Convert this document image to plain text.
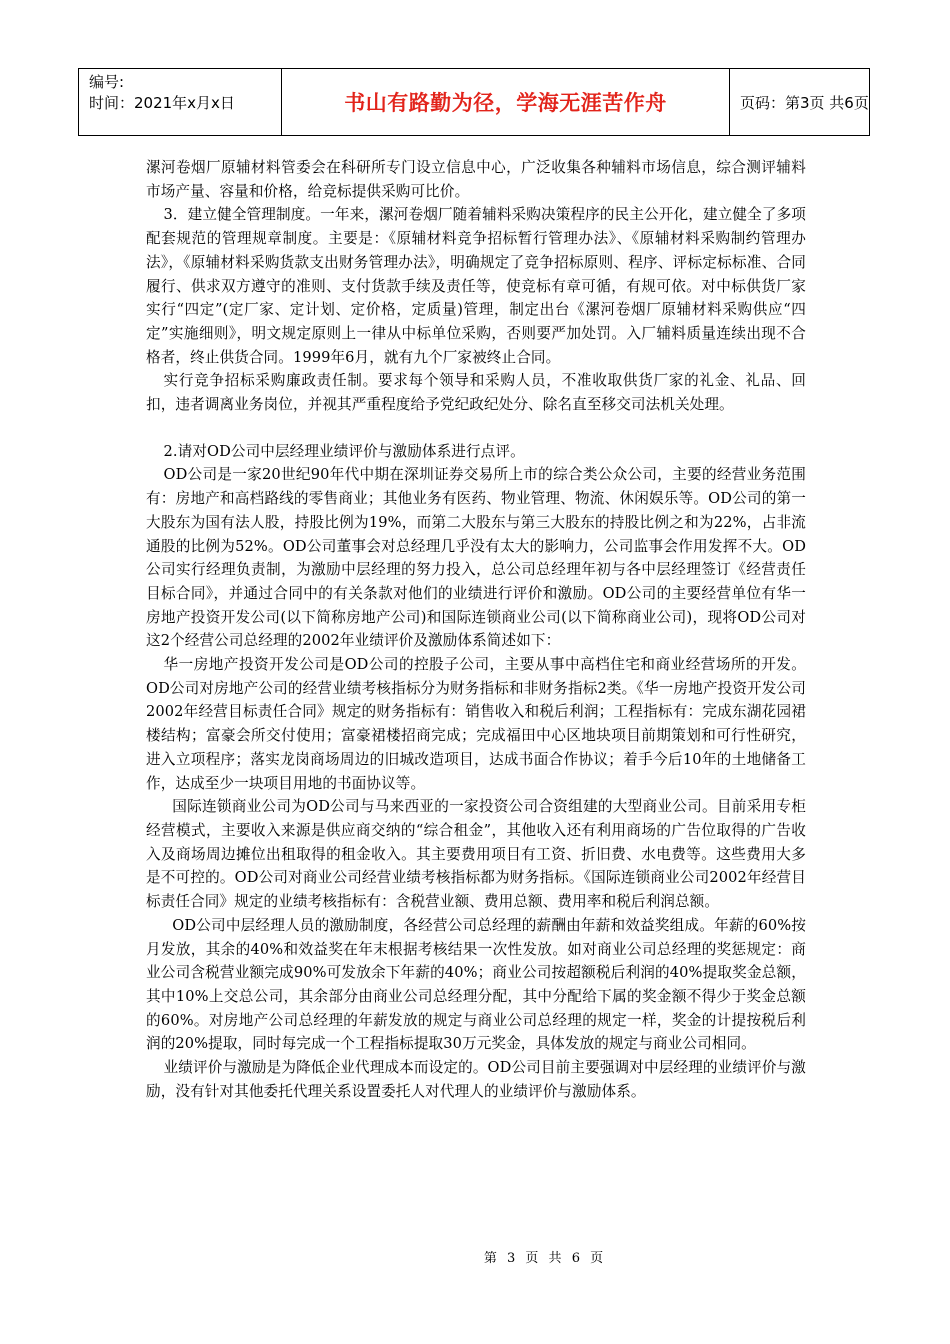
编号:
时间：2021年x月x日	书山有路勤为径，学海无涯苦作舟	页码：第3页 共6页

漯河卷烟厂原辅材料管委会在科研所专门设立信息中心，广泛收集各种辅料市场信息，综合测评辅料市场产量、容量和价格，给竞标提供采购可比价。

3．建立健全管理制度。一年来，漯河卷烟厂随着辅料采购决策程序的民主公开化，建立健全了多项配套规范的管理规章制度。主要是：《原辅材料竞争招标暂行管理办法》、《原辅材料采购制约管理办法》，《原辅材料采购货款支出财务管理办法》，明确规定了竞争招标原则、程序、评标定标标准、合同履行、供求双方遵守的准则、支付货款手续及责任等，使竞标有章可循，有规可依。对中标供货厂家实行“四定”(定厂家、定计划、定价格，定质量)管理，制定出台《漯河卷烟厂原辅材料采购供应“四定”实施细则》，明文规定原则上一律从中标单位采购，否则要严加处罚。入厂辅料质量连续出现不合格者，终止供货合同。1999年6月，就有九个厂家被终止合同。

实行竞争招标采购廉政责任制。要求每个领导和采购人员，不准收取供货厂家的礼金、礼品、回扣，违者调离业务岗位，并视其严重程度给予党纪政纪处分、除名直至移交司法机关处理。

2.请对OD公司中层经理业绩评价与激励体系进行点评。

OD公司是一家20世纪90年代中期在深圳证券交易所上市的综合类公众公司，主要的经营业务范围有：房地产和高档路线的零售商业；其他业务有医药、物业管理、物流、休闲娱乐等。OD公司的第一大股东为国有法人股，持股比例为19%，而第二大股东与第三大股东的持股比例之和为22%，占非流通股的比例为52%。OD公司董事会对总经理几乎没有太大的影响力，公司监事会作用发挥不大。OD公司实行经理负责制，为激励中层经理的努力投入，总公司总经理年初与各中层经理签订《经营责任目标合同》，并通过合同中的有关条款对他们的业绩进行评价和激励。OD公司的主要经营单位有华一房地产投资开发公司(以下简称房地产公司)和国际连锁商业公司(以下简称商业公司)，现将OD公司对这2个经营公司总经理的2002年业绩评价及激励体系简述如下：

华一房地产投资开发公司是OD公司的控股子公司，主要从事中高档住宅和商业经营场所的开发。OD公司对房地产公司的经营业绩考核指标分为财务指标和非财务指标2类。《华一房地产投资开发公司2002年经营目标责任合同》规定的财务指标有：销售收入和税后利润；工程指标有：完成东湖花园裙楼结构；富豪会所交付使用；富豪裙楼招商完成；完成福田中心区地块项目前期策划和可行性研究，进入立项程序；落实龙岗商场周边的旧城改造项目，达成书面合作协议；着手今后10年的土地储备工作，达成至少一块项目用地的书面协议等。

国际连锁商业公司为OD公司与马来西亚的一家投资公司合资组建的大型商业公司。目前采用专柜经营模式，主要收入来源是供应商交纳的“综合租金”，其他收入还有利用商场的广告位取得的广告收入及商场周边摊位出租取得的租金收入。其主要费用项目有工资、折旧费、水电费等。这些费用大多是不可控的。OD公司对商业公司经营业绩考核指标都为财务指标。《国际连锁商业公司2002年经营目标责任合同》规定的业绩考核指标有：含税营业额、费用总额、费用率和税后利润总额。

OD公司中层经理人员的激励制度，各经营公司总经理的薪酬由年薪和效益奖组成。年薪的60%按月发放，其余的40%和效益奖在年末根据考核结果一次性发放。如对商业公司总经理的奖惩规定：商业公司含税营业额完成90%可发放余下年薪的40%；商业公司按超额税后利润的40%提取奖金总额，其中10%上交总公司，其余部分由商业公司总经理分配，其中分配给下属的奖金额不得少于奖金总额的60%。对房地产公司总经理的年薪发放的规定与商业公司总经理的规定一样，奖金的计提按税后利润的20%提取，同时每完成一个工程指标提取30万元奖金，具体发放的规定与商业公司相同。

业绩评价与激励是为降低企业代理成本而设定的。OD公司目前主要强调对中层经理的业绩评价与激励，没有针对其他委托代理关系设置委托人对代理人的业绩评价与激励体系。

第 3 页 共 6 页
